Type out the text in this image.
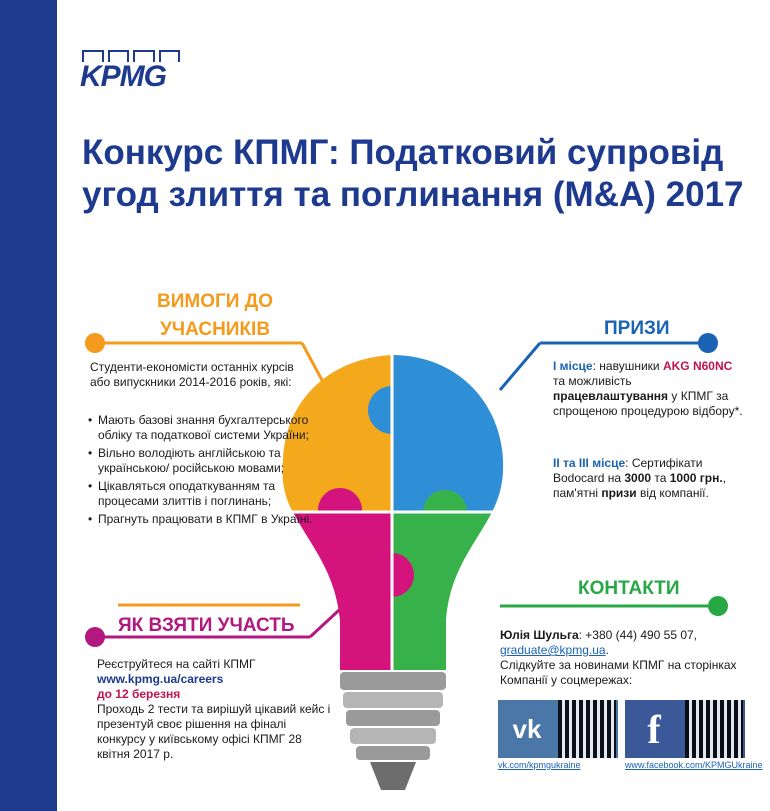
KPMG
Конкурс КПМГ: Податковий супровід
угод злиття та поглинання (M&A) 2017
ВИМОГИ ДО
УЧАСНИКІВ
Студенти-економісти останніх курсів або випускники 2014-2016 років, які:
• Мають базові знання бухгалтерського обліку та податкової системи України;
• Вільно володіють англійською та українською/ російською мовами;
• Цікавляться оподаткуванням та процесами злиттів і поглинань;
• Прагнуть працювати в КПМГ в Україні.
ЯК ВЗЯТИ УЧАСТЬ
Реєструйтеся на сайті КПМГ
www.kpmg.ua/careers
до 12 березня
Проходь 2 тести та вирішуй цікавий кейс і презентуй своє рішення на фіналі конкурсу у київському офісі КПМГ 28 квітня 2017 р.
ПРИЗИ
I місце: навушники AKG N60NC та можливість працевлаштування у КПМГ за спрощеною процедурою відбору*.
II та III місце: Сертифікати Bodocard на 3000 та 1000 грн., пам'ятні призи від компанії.
КОНТАКТИ
Юлія Шульга: +380 (44) 490 55 07,
graduate@kpmg.ua.
Слідкуйте за новинами КПМГ на сторінках Компанії у соцмережах:
vk	f
vk.com/kpmgukraine	www.facebook.com/KPMGUkraine
